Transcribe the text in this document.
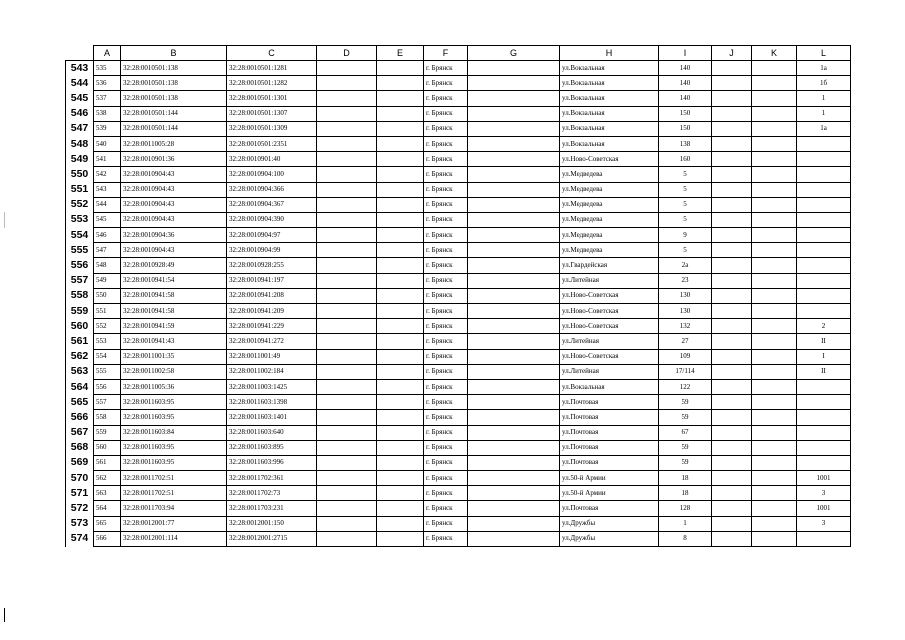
	A	B	C	D	E	F	G	H	I	J	K	L
543	535	32:28:0010501:138	32:28:0010501:1281			г. Брянск		ул.Вокзальная	140			1а
544	536	32:28:0010501:138	32:28:0010501:1282			г. Брянск		ул.Вокзальная	140			1б
545	537	32:28:0010501:138	32:28:0010501:1301			г. Брянск		ул.Вокзальная	140			1
546	538	32:28:0010501:144	32:28:0010501:1307			г. Брянск		ул.Вокзальная	150			1
547	539	32:28:0010501:144	32:28:0010501:1309			г. Брянск		ул.Вокзальная	150			1а
548	540	32:28:0011005:28	32:28:0010501:2351			г. Брянск		ул.Вокзальная	138			
549	541	32:28:0010901:36	32:28:0010901:40			г. Брянск		ул.Ново-Советская	160			
550	542	32:28:0010904:43	32:28:0010904:100			г. Брянск		ул.Медведева	5			
551	543	32:28:0010904:43	32:28:0010904:366			г. Брянск		ул.Медведева	5			
552	544	32:28:0010904:43	32:28:0010904:367			г. Брянск		ул.Медведева	5			
553	545	32:28:0010904:43	32:28:0010904:390			г. Брянск		ул.Медведева	5			
554	546	32:28:0010904:36	32:28:0010904:97			г. Брянск		ул.Медведева	9			
555	547	32:28:0010904:43	32:28:0010904:99			г. Брянск		ул.Медведева	5			
556	548	32:28:0010928:49	32:28:0010928:255			г. Брянск		ул.Гвардейская	2а			
557	549	32:28:0010941:54	32:28:0010941:197			г. Брянск		ул.Литейная	23			
558	550	32:28:0010941:58	32:28:0010941:208			г. Брянск		ул.Ново-Советская	130			
559	551	32:28:0010941:58	32:28:0010941:209			г. Брянск		ул.Ново-Советская	130			
560	552	32:28:0010941:59	32:28:0010941:229			г. Брянск		ул.Ново-Советская	132			2
561	553	32:28:0010941:43	32:28:0010941:272			г. Брянск		ул.Литейная	27			II
562	554	32:28:0011001:35	32:28:0011001:49			г. Брянск		ул.Ново-Советская	109			I
563	555	32:28:0011002:58	32:28:0011002:184			г. Брянск		ул.Литейная	17/114			II
564	556	32:28:0011005:36	32:28:0011003:1425			г. Брянск		ул.Вокзальная	122			
565	557	32:28:0011603:95	32:28:0011603:1398			г. Брянск		ул.Почтовая	59			
566	558	32:28:0011603:95	32:28:0011603:1401			г. Брянск		ул.Почтовая	59			
567	559	32:28:0011603:84	32:28:0011603:640			г. Брянск		ул.Почтовая	67			
568	560	32:28:0011603:95	32:28:0011603:895			г. Брянск		ул.Почтовая	59			
569	561	32:28:0011603:95	32:28:0011603:996			г. Брянск		ул.Почтовая	59			
570	562	32:28:0011702:51	32:28:0011702:361			г. Брянск		ул.50-й Армии	18			1001
571	563	32:28:0011702:51	32:28:0011702:73			г. Брянск		ул.50-й Армии	18			3
572	564	32:28:0011703:94	32:28:0011703:231			г. Брянск		ул.Почтовая	128			1001
573	565	32:28:0012001:77	32:28:0012001:150			г. Брянск		ул.Дружбы	1			3
574	566	32:28:0012001:114	32:28:0012001:2715			г. Брянск		ул.Дружбы	8			
